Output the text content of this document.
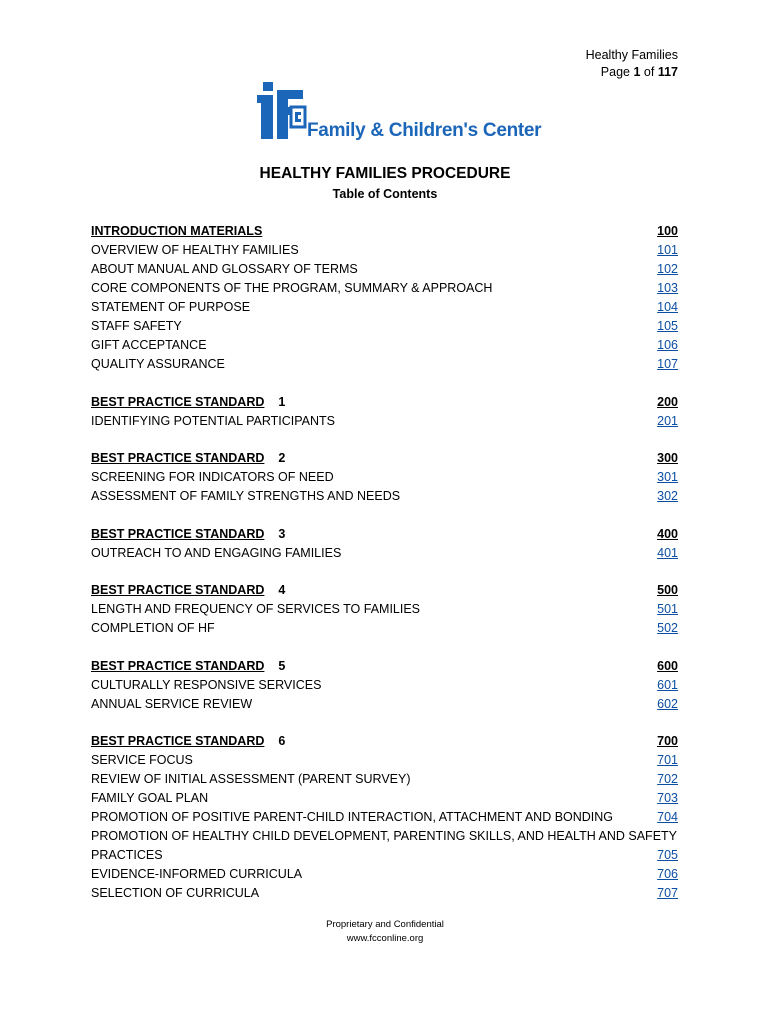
Healthy Families
Page 1 of 117
Family & Children's Center
HEALTHY FAMILIES PROCEDURE
Table of Contents
INTRODUCTION MATERIALS	100
OVERVIEW OF HEALTHY FAMILIES	101
ABOUT MANUAL AND GLOSSARY OF TERMS	102
CORE COMPONENTS OF THE PROGRAM, SUMMARY & APPROACH	103
STATEMENT OF PURPOSE	104
STAFF SAFETY	105
GIFT ACCEPTANCE	106
QUALITY ASSURANCE	107
BEST PRACTICE STANDARD 1	200
IDENTIFYING POTENTIAL PARTICIPANTS	201
BEST PRACTICE STANDARD 2	300
SCREENING FOR INDICATORS OF NEED	301
ASSESSMENT OF FAMILY STRENGTHS AND NEEDS	302
BEST PRACTICE STANDARD 3	400
OUTREACH TO AND ENGAGING FAMILIES	401
BEST PRACTICE STANDARD 4	500
LENGTH AND FREQUENCY OF SERVICES TO FAMILIES	501
COMPLETION OF HF	502
BEST PRACTICE STANDARD 5	600
CULTURALLY RESPONSIVE SERVICES	601
ANNUAL SERVICE REVIEW	602
BEST PRACTICE STANDARD 6	700
SERVICE FOCUS	701
REVIEW OF INITIAL ASSESSMENT (PARENT SURVEY)	702
FAMILY GOAL PLAN	703
PROMOTION OF POSITIVE PARENT-CHILD INTERACTION, ATTACHMENT AND BONDING	704
PROMOTION OF HEALTHY CHILD DEVELOPMENT, PARENTING SKILLS, AND HEALTH AND SAFETY
PRACTICES	705
EVIDENCE-INFORMED CURRICULA	706
SELECTION OF CURRICULA	707
Proprietary and Confidential
www.fcconline.org
